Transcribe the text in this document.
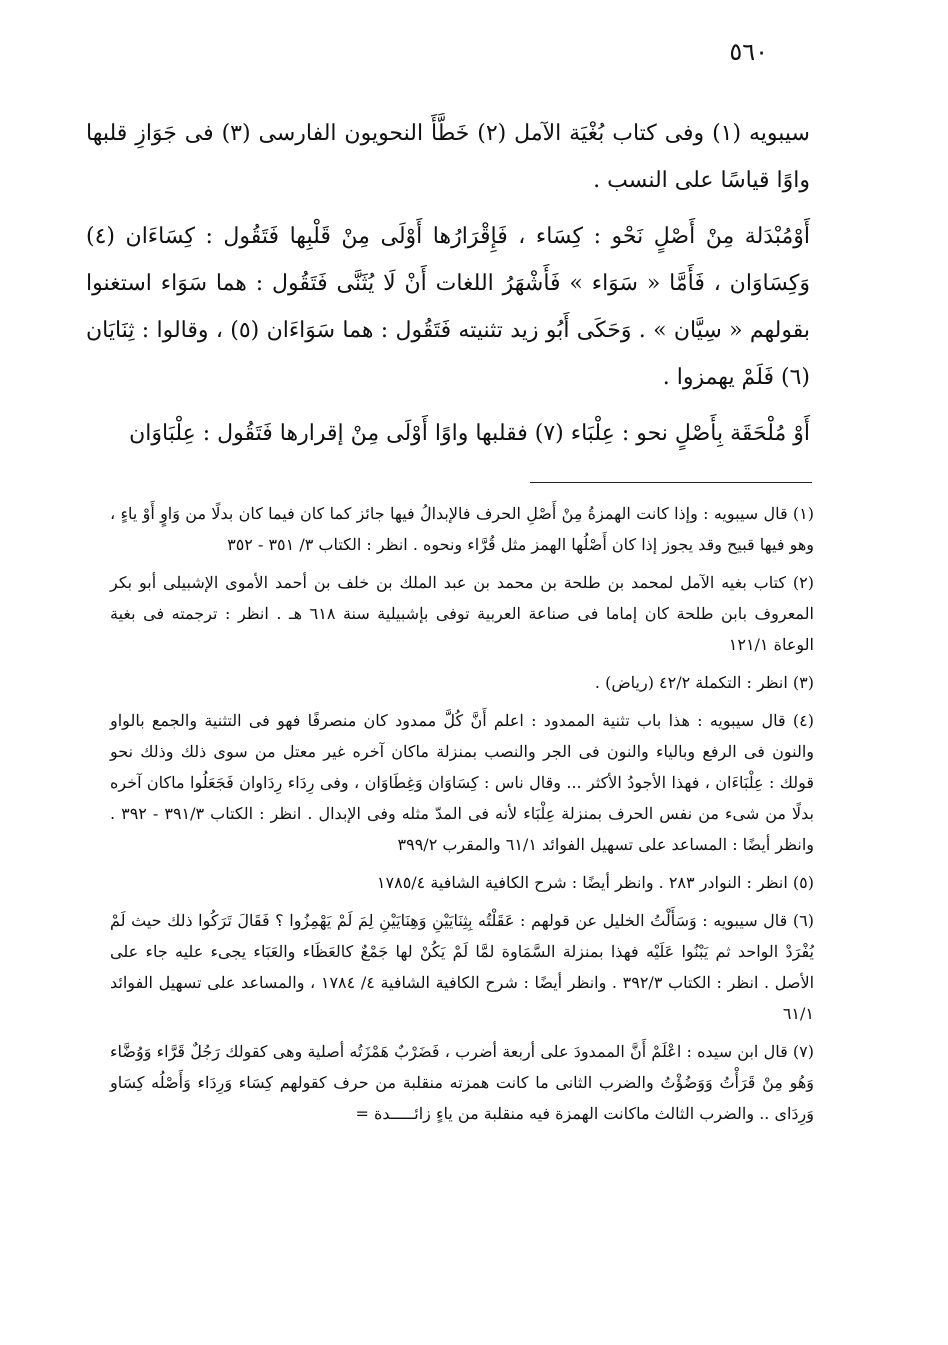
٥٦٠

سيبويه (١) وفى كتاب بُغْيَة الآمل (٢) خَطَّأَ النحويون الفارسى (٣) فى جَوَازِ قلبها واوًا قياسًا على النسب .

أَوْمُبْدَلة مِنْ أَصْلٍ نَحْو : كِسَاء ، فَإِقْرَارُها أَوْلَى مِنْ قَلْبِها فَتَقُول : كِسَاءَان (٤) وَكِسَاوَان ، فَأَمَّا « سَوَاء » فَأَشْهَرُ اللغات أَنْ لَا يُثَنَّى فَتَقُول : هما سَوَاء استغنوا بقولهم « سِيَّان » . وَحَكَى أَبُو زيد تثنيته فَتَقُول : هما سَوَاءَان (٥) ، وقالوا : ثِنَايَان (٦) فَلَمْ يهمزوا .

أَوْ مُلْحَقَة بِأَصْلٍ نحو : عِلْبَاء (٧) فقلبها واوًا أَوْلَى مِنْ إقرارها فَتَقُول : عِلْبَاوَان

(١) قال سيبويه : وإذا كانت الهمزةُ مِنْ أَصْلِ الحرف فالإبدالُ فيها جائز كما كان فيما كان بدلًا من وَاوٍ أَوْ ياءٍ ، وهو فيها قبيح وقد يجوز إذا كان أَصْلُها الهمز مثل قُرَّاء ونحوه . انظر : الكتاب ٣/ ٣٥١ - ٣٥٢

(٢) كتاب بغيه الآمل لمحمد بن طلحة بن محمد بن عبد الملك بن خلف بن أحمد الأموى الإشبيلى أبو بكر المعروف بابن طلحة كان إماما فى صناعة العربية توفى بإشبيلية سنة ٦١٨ هـ . انظر : ترجمته فى بغية الوعاة ١٢١/١

(٣) انظر : التكملة ٤٢/٢ (رياض) .

(٤) قال سيبويه : هذا باب تثنية الممدود : اعلم أَنَّ كُلَّ ممدود كان منصرفًا فهو فى التثنية والجمع بالواو والنون فى الرفع وبالياء والنون فى الجر والنصب بمنزلة ماكان آخره غير معتل من سوى ذلك وذلك نحو قولك : عِلْبَاءَان ، فهذا الأجودُ الأكثر ... وقال ناس : كِسَاوَان وَغِطَاوَان ، وفى رِدَاء رِدَاوان فَجَعَلُوا ماكان آخره بدلًا من شىء من نفس الحرف بمنزلة عِلْبَاء لأنه فى المدّ مثله وفى الإبدال . انظر : الكتاب ٣٩١/٣ - ٣٩٢ . وانظر أيضًا : المساعد على تسهيل الفوائد ٦١/١ والمقرب ٣٩٩/٢

(٥) انظر : النوادر ٢٨٣ . وانظر أيضًا : شرح الكافية الشافية ١٧٨٥/٤

(٦) قال سيبويه : وَسَأَلْتُ الخليل عن قولهم : عَقَلْتُه بِثِنَايَيْنِ وَهِنَايَيْنِ لِمَ لَمْ يَهْمِزُوا ؟ فَقَالَ تَرَكُوا ذلك حيث لَمْ يُفْرَدْ الواحد ثم يَبْنُوا عَلَيْه فهذا بمنزلة السَّمَاوة لمَّا لَمْ يَكُنْ لها جَمْعٌ كالعَظَاء والعَبَاء يجىء عليه جاء على الأصل . انظر : الكتاب ٣٩٢/٣ . وانظر أيضًا : شرح الكافية الشافية ٤/ ١٧٨٤ ، والمساعد على تسهيل الفوائد ٦١/١

(٧) قال ابن سيده : اعْلَمْ أَنَّ الممدودَ على أربعة أضرب ، فَضَرْبٌ هَمْزَتُه أصلية وهى كقولك رَجُلٌ قَرَّاء وَوُضَّاء وَهُو مِنْ قَرَأْتُ وَوَضُؤْتُ والضرب الثانى ما كانت همزته منقلبة من حرف كقولهم كِسَاء وَرِدَاء وَأَصْلُه كِسَاو وَرِدَاى .. والضرب الثالث ماكانت الهمزة فيه منقلبة من ياءٍ زائـــــدة =
